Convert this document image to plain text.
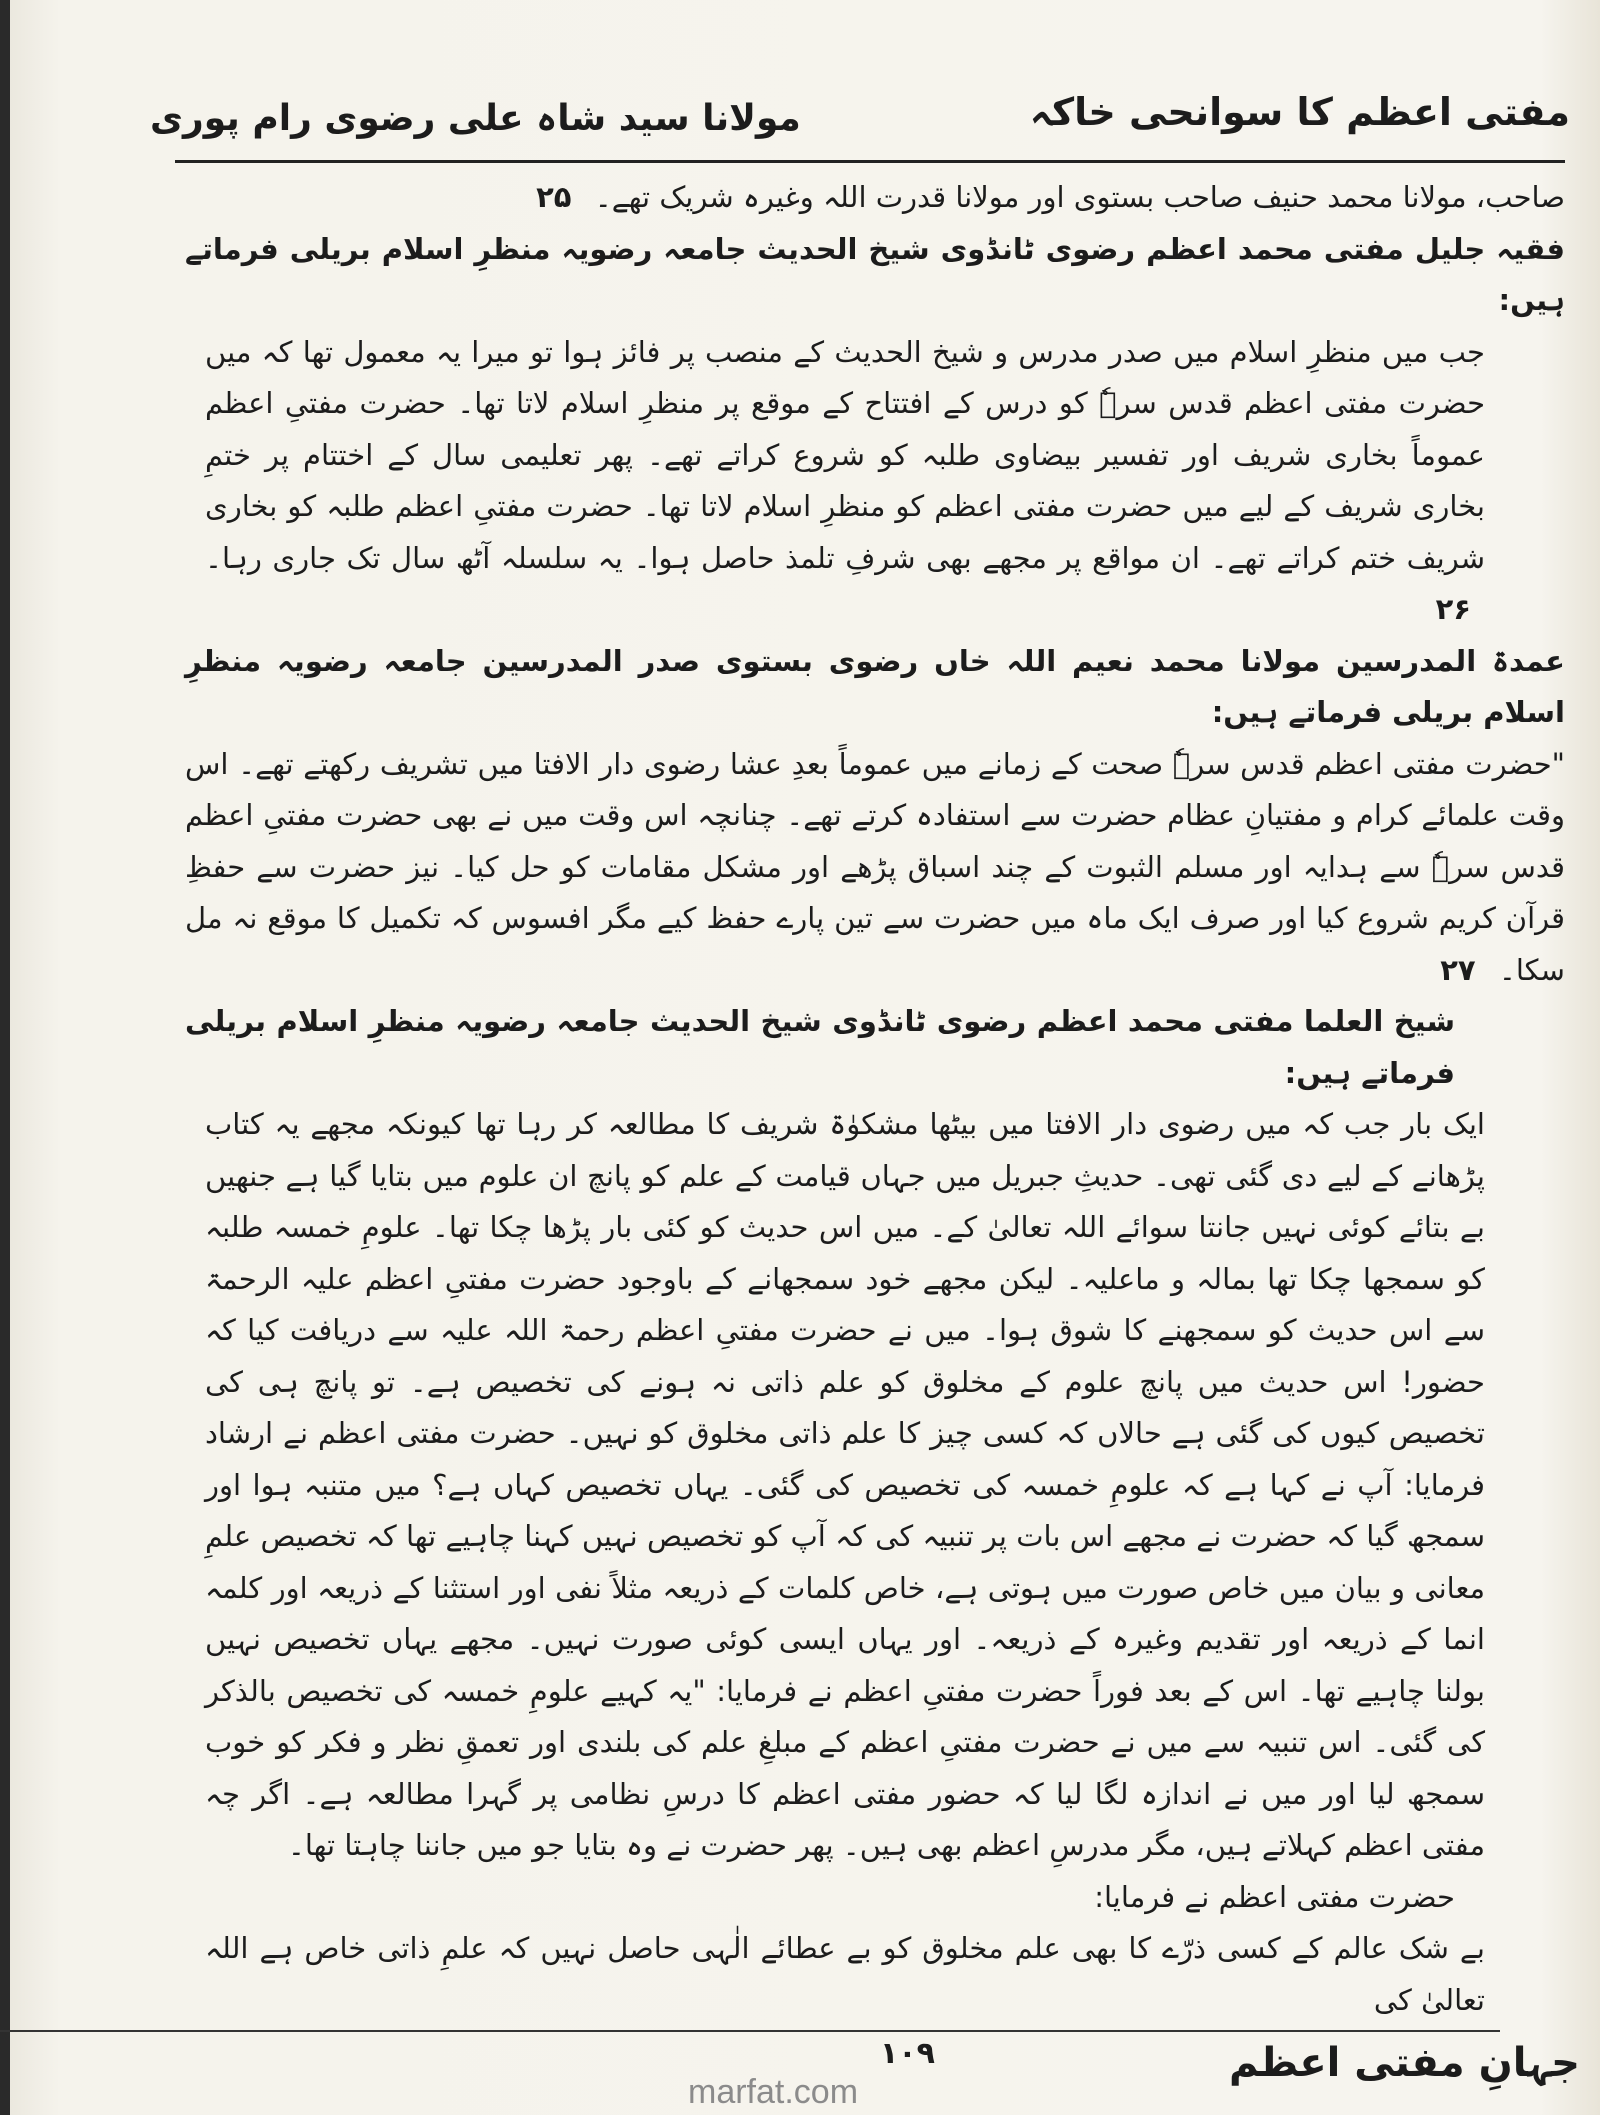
مفتی اعظم کا سوانحی خاکہ
مولانا سید شاہ علی رضوی رام پوری

صاحب، مولانا محمد حنیف صاحب بستوی اور مولانا قدرت اللہ وغیرہ شریک تھے۔ ۲۵

فقیہ جلیل مفتی محمد اعظم رضوی ٹانڈوی شیخ الحدیث جامعہ رضویہ منظرِ اسلام بریلی فرماتے ہیں:

جب میں منظرِ اسلام میں صدر مدرس و شیخ الحدیث کے منصب پر فائز ہوا تو میرا یہ معمول تھا کہ میں حضرت مفتی اعظم قدس سرہٗ کو درس کے افتتاح کے موقع پر منظرِ اسلام لاتا تھا۔ حضرت مفتیِ اعظم عموماً بخاری شریف اور تفسیر بیضاوی طلبہ کو شروع کراتے تھے۔ پھر تعلیمی سال کے اختتام پر ختمِ بخاری شریف کے لیے میں حضرت مفتی اعظم کو منظرِ اسلام لاتا تھا۔ حضرت مفتیِ اعظم طلبہ کو بخاری شریف ختم کراتے تھے۔ ان مواقع پر مجھے بھی شرفِ تلمذ حاصل ہوا۔ یہ سلسلہ آٹھ سال تک جاری رہا۔ ۲۶

عمدۃ المدرسین مولانا محمد نعیم اللہ خاں رضوی بستوی صدر المدرسین جامعہ رضویہ منظرِ اسلام بریلی فرماتے ہیں:

"حضرت مفتی اعظم قدس سرہٗ صحت کے زمانے میں عموماً بعدِ عشا رضوی دار الافتا میں تشریف رکھتے تھے۔ اس وقت علمائے کرام و مفتیانِ عظام حضرت سے استفادہ کرتے تھے۔ چنانچہ اس وقت میں نے بھی حضرت مفتیِ اعظم قدس سرہٗ سے ہدایہ اور مسلم الثبوت کے چند اسباق پڑھے اور مشکل مقامات کو حل کیا۔ نیز حضرت سے حفظِ قرآن کریم شروع کیا اور صرف ایک ماہ میں حضرت سے تین پارے حفظ کیے مگر افسوس کہ تکمیل کا موقع نہ مل سکا۔ ۲۷

شیخ العلما مفتی محمد اعظم رضوی ٹانڈوی شیخ الحدیث جامعہ رضویہ منظرِ اسلام بریلی فرماتے ہیں:

ایک بار جب کہ میں رضوی دار الافتا میں بیٹھا مشکوٰۃ شریف کا مطالعہ کر رہا تھا کیونکہ مجھے یہ کتاب پڑھانے کے لیے دی گئی تھی۔ حدیثِ جبریل میں جہاں قیامت کے علم کو پانچ ان علوم میں بتایا گیا ہے جنھیں بے بتائے کوئی نہیں جانتا سوائے اللہ تعالیٰ کے۔ میں اس حدیث کو کئی بار پڑھا چکا تھا۔ علومِ خمسہ طلبہ کو سمجھا چکا تھا بمالہ و ماعلیہ۔ لیکن مجھے خود سمجھانے کے باوجود حضرت مفتیِ اعظم علیہ الرحمۃ سے اس حدیث کو سمجھنے کا شوق ہوا۔ میں نے حضرت مفتیِ اعظم رحمۃ اللہ علیہ سے دریافت کیا کہ حضور! اس حدیث میں پانچ علوم کے مخلوق کو علم ذاتی نہ ہونے کی تخصیص ہے۔ تو پانچ ہی کی تخصیص کیوں کی گئی ہے حالاں کہ کسی چیز کا علم ذاتی مخلوق کو نہیں۔ حضرت مفتی اعظم نے ارشاد فرمایا: آپ نے کہا ہے کہ علومِ خمسہ کی تخصیص کی گئی۔ یہاں تخصیص کہاں ہے؟ میں متنبہ ہوا اور سمجھ گیا کہ حضرت نے مجھے اس بات پر تنبیہ کی کہ آپ کو تخصیص نہیں کہنا چاہیے تھا کہ تخصیص علمِ معانی و بیان میں خاص صورت میں ہوتی ہے، خاص کلمات کے ذریعہ مثلاً نفی اور استثنا کے ذریعہ اور کلمہ انما کے ذریعہ اور تقدیم وغیرہ کے ذریعہ۔ اور یہاں ایسی کوئی صورت نہیں۔ مجھے یہاں تخصیص نہیں بولنا چاہیے تھا۔ اس کے بعد فوراً حضرت مفتیِ اعظم نے فرمایا: "یہ کہیے علومِ خمسہ کی تخصیص بالذکر کی گئی۔ اس تنبیہ سے میں نے حضرت مفتیِ اعظم کے مبلغِ علم کی بلندی اور تعمقِ نظر و فکر کو خوب سمجھ لیا اور میں نے اندازہ لگا لیا کہ حضور مفتی اعظم کا درسِ نظامی پر گہرا مطالعہ ہے۔ اگر چہ مفتی اعظم کہلاتے ہیں، مگر مدرسِ اعظم بھی ہیں۔ پھر حضرت نے وہ بتایا جو میں جاننا چاہتا تھا۔

حضرت مفتی اعظم نے فرمایا:

بے شک عالم کے کسی ذرّے کا بھی علم مخلوق کو بے عطائے الٰہی حاصل نہیں کہ علمِ ذاتی خاص ہے اللہ تعالیٰ کی

جہانِ مفتی اعظم
۱۰۹
marfat.com
